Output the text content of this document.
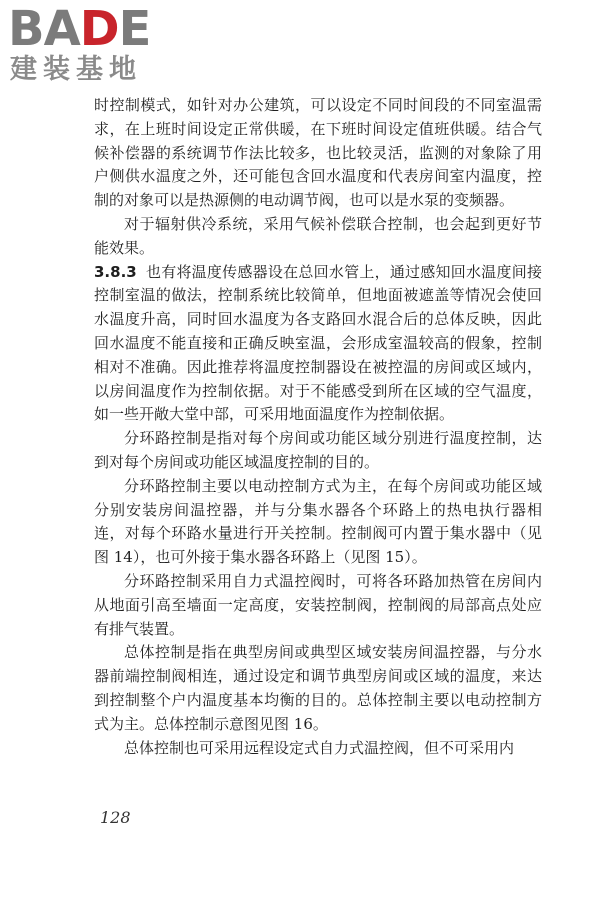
BADE
建装基地

时控制模式，如针对办公建筑，可以设定不同时间段的不同室温需求，在上班时间设定正常供暖，在下班时间设定值班供暖。结合气候补偿器的系统调节作法比较多，也比较灵活，监测的对象除了用户侧供水温度之外，还可能包含回水温度和代表房间室内温度，控制的对象可以是热源侧的电动调节阀，也可以是水泵的变频器。

对于辐射供冷系统，采用气候补偿联合控制，也会起到更好节能效果。

3.8.3 也有将温度传感器设在总回水管上，通过感知回水温度间接控制室温的做法，控制系统比较简单，但地面被遮盖等情况会使回水温度升高，同时回水温度为各支路回水混合后的总体反映，因此回水温度不能直接和正确反映室温，会形成室温较高的假象，控制相对不准确。因此推荐将温度控制器设在被控温的房间或区域内，以房间温度作为控制依据。对于不能感受到所在区域的空气温度，如一些开敞大堂中部，可采用地面温度作为控制依据。

分环路控制是指对每个房间或功能区域分别进行温度控制，达到对每个房间或功能区域温度控制的目的。

分环路控制主要以电动控制方式为主，在每个房间或功能区域分别安装房间温控器，并与分集水器各个环路上的热电执行器相连，对每个环路水量进行开关控制。控制阀可内置于集水器中（见图 14），也可外接于集水器各环路上（见图 15）。

分环路控制采用自力式温控阀时，可将各环路加热管在房间内从地面引高至墙面一定高度，安装控制阀，控制阀的局部高点处应有排气装置。

总体控制是指在典型房间或典型区域安装房间温控器，与分水器前端控制阀相连，通过设定和调节典型房间或区域的温度，来达到控制整个户内温度基本均衡的目的。总体控制主要以电动控制方式为主。总体控制示意图见图 16。

总体控制也可采用远程设定式自力式温控阀，但不可采用内

128
